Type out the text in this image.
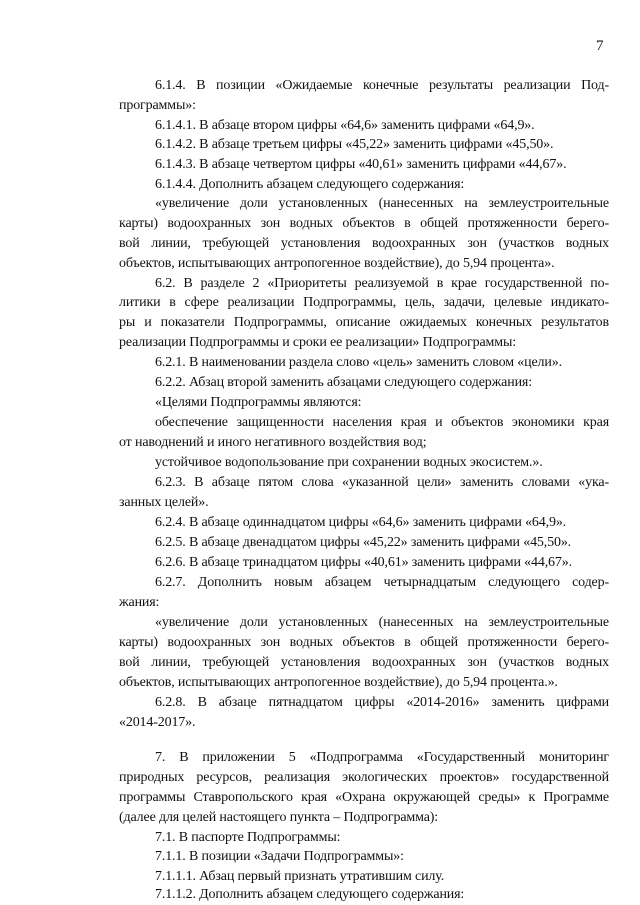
7
6.1.4. В позиции «Ожидаемые конечные результаты реализации Под-
программы»:
6.1.4.1. В абзаце втором цифры «64,6» заменить цифрами «64,9».
6.1.4.2. В абзаце третьем цифры «45,22» заменить цифрами «45,50».
6.1.4.3. В абзаце четвертом цифры «40,61» заменить цифрами «44,67».
6.1.4.4. Дополнить абзацем следующего содержания:
«увеличение доли установленных (нанесенных на землеустроительные
карты) водоохранных зон водных объектов в общей протяженности берего-
вой линии, требующей установления водоохранных зон (участков водных
объектов, испытывающих антропогенное воздействие), до 5,94 процента».
6.2. В разделе 2 «Приоритеты реализуемой в крае государственной по-
литики в сфере реализации Подпрограммы, цель, задачи, целевые индикато-
ры и показатели Подпрограммы, описание ожидаемых конечных результатов
реализации Подпрограммы и сроки ее реализации» Подпрограммы:
6.2.1. В наименовании раздела слово «цель» заменить словом «цели».
6.2.2. Абзац второй заменить абзацами следующего содержания:
«Целями Подпрограммы являются:
обеспечение защищенности населения края и объектов экономики края
от наводнений и иного негативного воздействия вод;
устойчивое водопользование при сохранении водных экосистем.».
6.2.3. В абзаце пятом слова «указанной цели» заменить словами «ука-
занных целей».
6.2.4. В абзаце одиннадцатом цифры «64,6» заменить цифрами «64,9».
6.2.5. В абзаце двенадцатом цифры «45,22» заменить цифрами «45,50».
6.2.6. В абзаце тринадцатом цифры «40,61» заменить цифрами «44,67».
6.2.7. Дополнить новым абзацем четырнадцатым следующего содер-
жания:
«увеличение доли установленных (нанесенных на землеустроительные
карты) водоохранных зон водных объектов в общей протяженности берего-
вой линии, требующей установления водоохранных зон (участков водных
объектов, испытывающих антропогенное воздействие), до 5,94 процента.».
6.2.8. В абзаце пятнадцатом цифры «2014-2016» заменить цифрами
«2014-2017».
7. В приложении 5 «Подпрограмма «Государственный мониторинг
природных ресурсов, реализация экологических проектов» государственной
программы Ставропольского края «Охрана окружающей среды» к Программе
(далее для целей настоящего пункта – Подпрограмма):
7.1. В паспорте Подпрограммы:
7.1.1. В позиции «Задачи Подпрограммы»:
7.1.1.1. Абзац первый признать утратившим силу.
7.1.1.2. Дополнить абзацем следующего содержания:
